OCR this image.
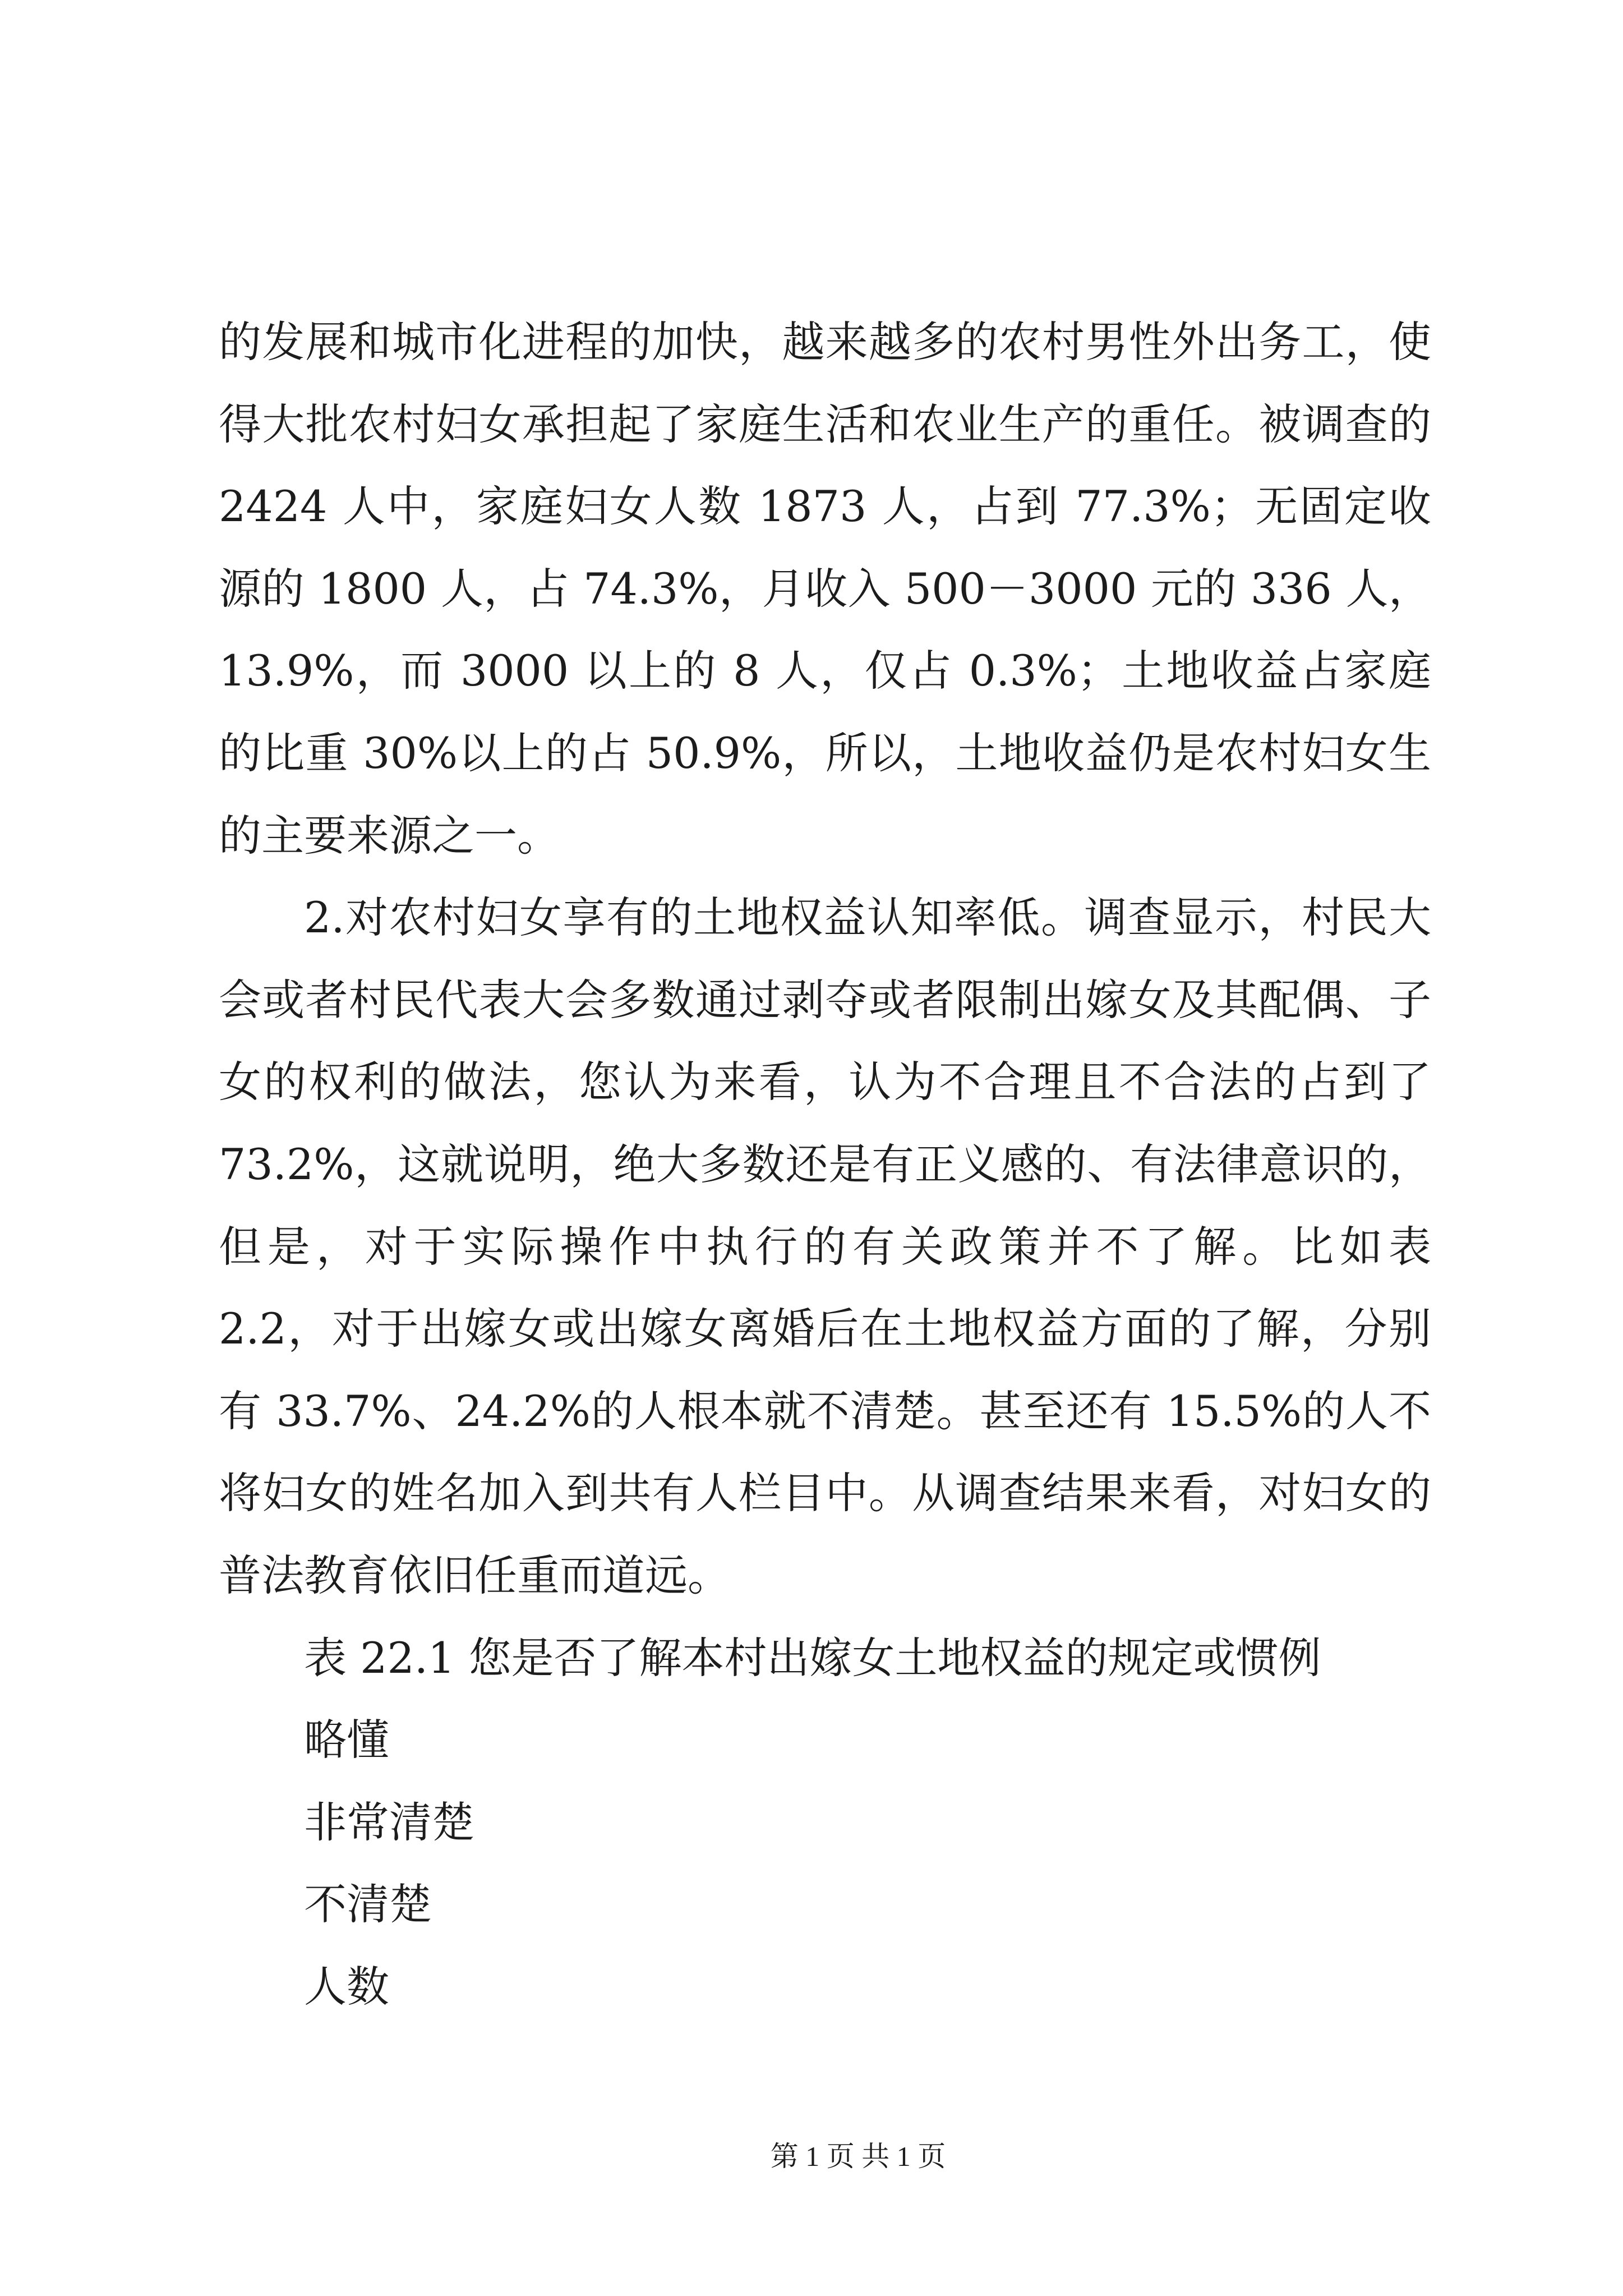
的发展和城市化进程的加快，越来越多的农村男性外出务工，使
得大批农村妇女承担起了家庭生活和农业生产的重任。被调查的
2424 人中，家庭妇女人数 1873 人，占到 77.3%；无固定收
源的 1800 人，占 74.3%，月收入 500－3000 元的 336 人，
13.9%，而 3000 以上的 8 人，仅占 0.3%；土地收益占家庭
的比重 30%以上的占 50.9%，所以，土地收益仍是农村妇女生
的主要来源之一。
2.对农村妇女享有的土地权益认知率低。调查显示，村民大
会或者村民代表大会多数通过剥夺或者限制出嫁女及其配偶、子
女的权利的做法，您认为来看，认为不合理且不合法的占到了
73.2%，这就说明，绝大多数还是有正义感的、有法律意识的，
但是，对于实际操作中执行的有关政策并不了解。比如表
2.2，对于出嫁女或出嫁女离婚后在土地权益方面的了解，分别
有 33.7%、24.2%的人根本就不清楚。甚至还有 15.5%的人不
将妇女的姓名加入到共有人栏目中。从调查结果来看，对妇女的
普法教育依旧任重而道远。
表 22.1 您是否了解本村出嫁女土地权益的规定或惯例
略懂
非常清楚
不清楚
人数
第 1 页 共 1 页
